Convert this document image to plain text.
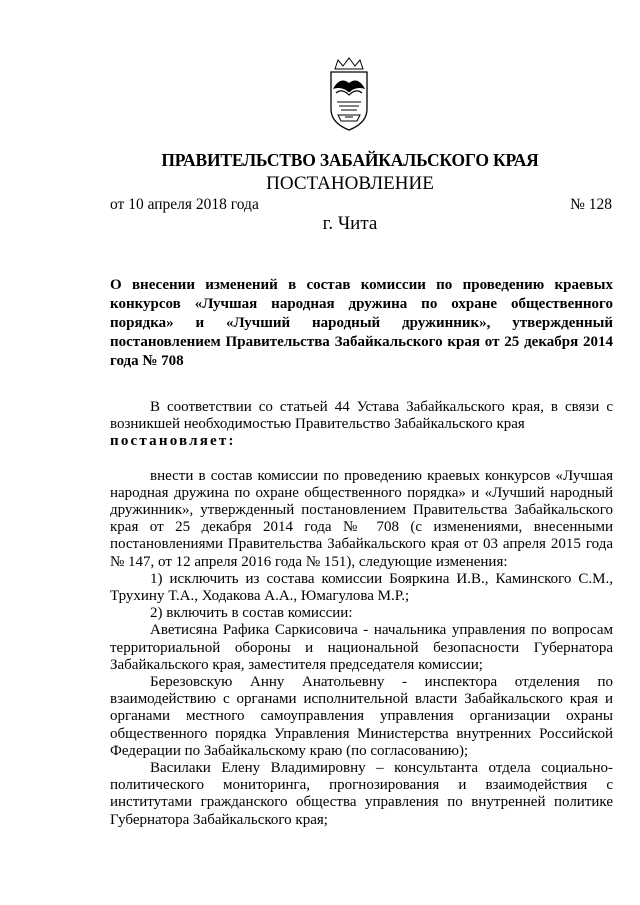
ПРАВИТЕЛЬСТВО ЗАБАЙКАЛЬСКОГО КРАЯ
ПОСТАНОВЛЕНИЕ
от 10 апреля 2018 года	№ 128
г. Чита
О внесении изменений в состав комиссии по проведению краевых конкурсов «Лучшая народная дружина по охране общественного порядка» и «Лучший народный дружинник», утвержденный постановлением Правительства Забайкальского края от 25 декабря 2014 года № 708

В соответствии со статьей 44 Устава Забайкальского края, в связи с возникшей необходимостью Правительство Забайкальского края

постановляет:

внести в состав комиссии по проведению краевых конкурсов «Лучшая народная дружина по охране общественного порядка» и «Лучший народный дружинник», утвержденный постановлением Правительства Забайкальского края от 25 декабря 2014 года № 708 (с изменениями, внесенными постановлениями Правительства Забайкальского края от 03 апреля 2015 года № 147, от 12 апреля 2016 года № 151), следующие изменения:

1) исключить из состава комиссии Бояркина И.В., Каминского С.М., Трухину Т.А., Ходакова А.А., Юмагулова М.Р.;

2) включить в состав комиссии:

Аветисяна Рафика Саркисовича - начальника управления по вопросам территориальной обороны и национальной безопасности Губернатора Забайкальского края, заместителя председателя комиссии;

Березовскую Анну Анатольевну - инспектора отделения по взаимодействию с органами исполнительной власти Забайкальского края и органами местного самоуправления управления организации охраны общественного порядка Управления Министерства внутренних Российской Федерации по Забайкальскому краю (по согласованию);

Василаки Елену Владимировну – консультанта отдела социально-политического мониторинга, прогнозирования и взаимодействия с институтами гражданского общества управления по внутренней политике Губернатора Забайкальского края;
